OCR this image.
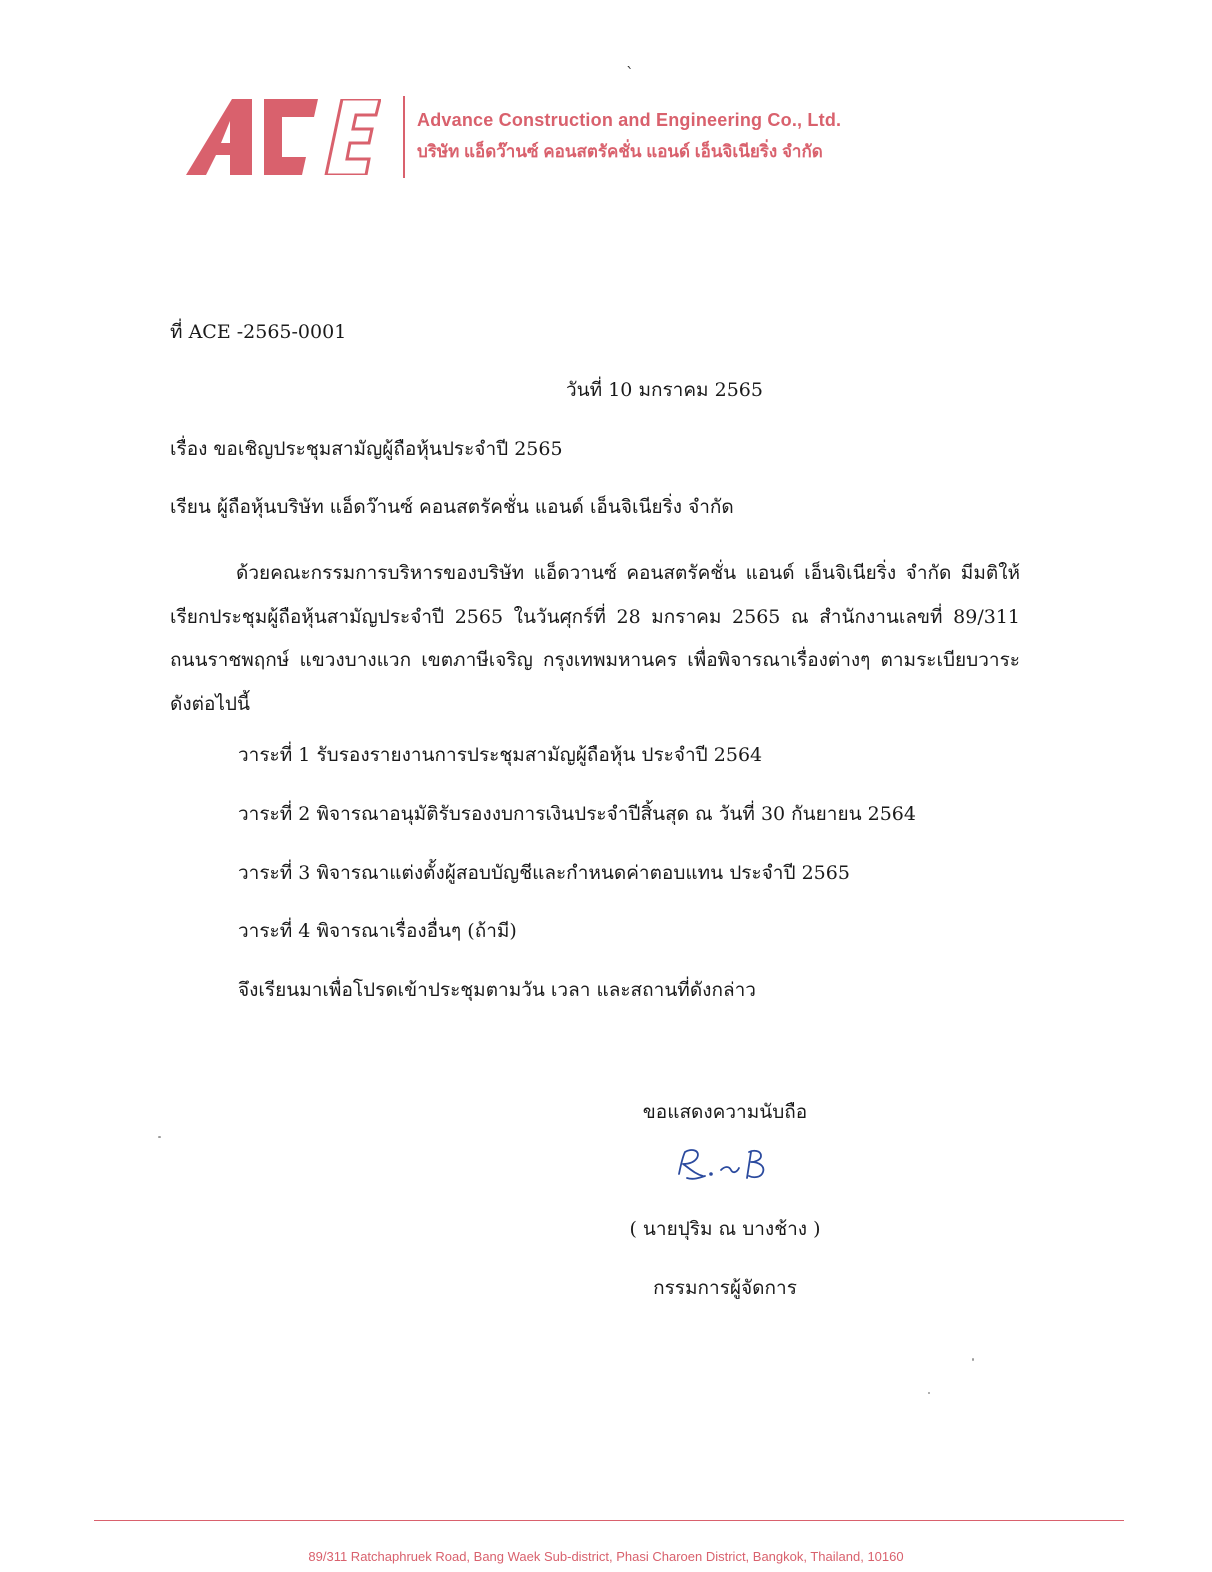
ˋ
Advance Construction and Engineering Co., Ltd.
บริษัท แอ็ดว๊านซ์ คอนสตรัคชั่น แอนด์ เอ็นจิเนียริ่ง จำกัด
ที่ ACE -2565-0001
วันที่ 10 มกราคม 2565
เรื่อง ขอเชิญประชุมสามัญผู้ถือหุ้นประจำปี 2565
เรียน ผู้ถือหุ้นบริษัท แอ็ดว๊านซ์ คอนสตรัคชั่น แอนด์ เอ็นจิเนียริ่ง จำกัด
ด้วยคณะกรรมการบริหารของบริษัท แอ็ดวานซ์ คอนสตรัคชั่น แอนด์ เอ็นจิเนียริ่ง จำกัด มีมติให้เรียกประชุมผู้ถือหุ้นสามัญประจำปี 2565 ในวันศุกร์ที่ 28 มกราคม 2565 ณ สำนักงานเลขที่ 89/311 ถนนราชพฤกษ์ แขวงบางแวก เขตภาษีเจริญ กรุงเทพมหานคร เพื่อพิจารณาเรื่องต่างๆ ตามระเบียบวาระดังต่อไปนี้
วาระที่ 1 รับรองรายงานการประชุมสามัญผู้ถือหุ้น ประจำปี 2564
วาระที่ 2 พิจารณาอนุมัติรับรองงบการเงินประจำปีสิ้นสุด ณ วันที่ 30 กันยายน 2564
วาระที่ 3 พิจารณาแต่งตั้งผู้สอบบัญชีและกำหนดค่าตอบแทน ประจำปี 2565
วาระที่ 4 พิจารณาเรื่องอื่นๆ (ถ้ามี)
จึงเรียนมาเพื่อโปรดเข้าประชุมตามวัน เวลา และสถานที่ดังกล่าว
ขอแสดงความนับถือ
( นายปุริม ณ บางช้าง )
กรรมการผู้จัดการ
89/311 Ratchaphruek Road, Bang Waek Sub-district, Phasi Charoen District, Bangkok, Thailand, 10160
